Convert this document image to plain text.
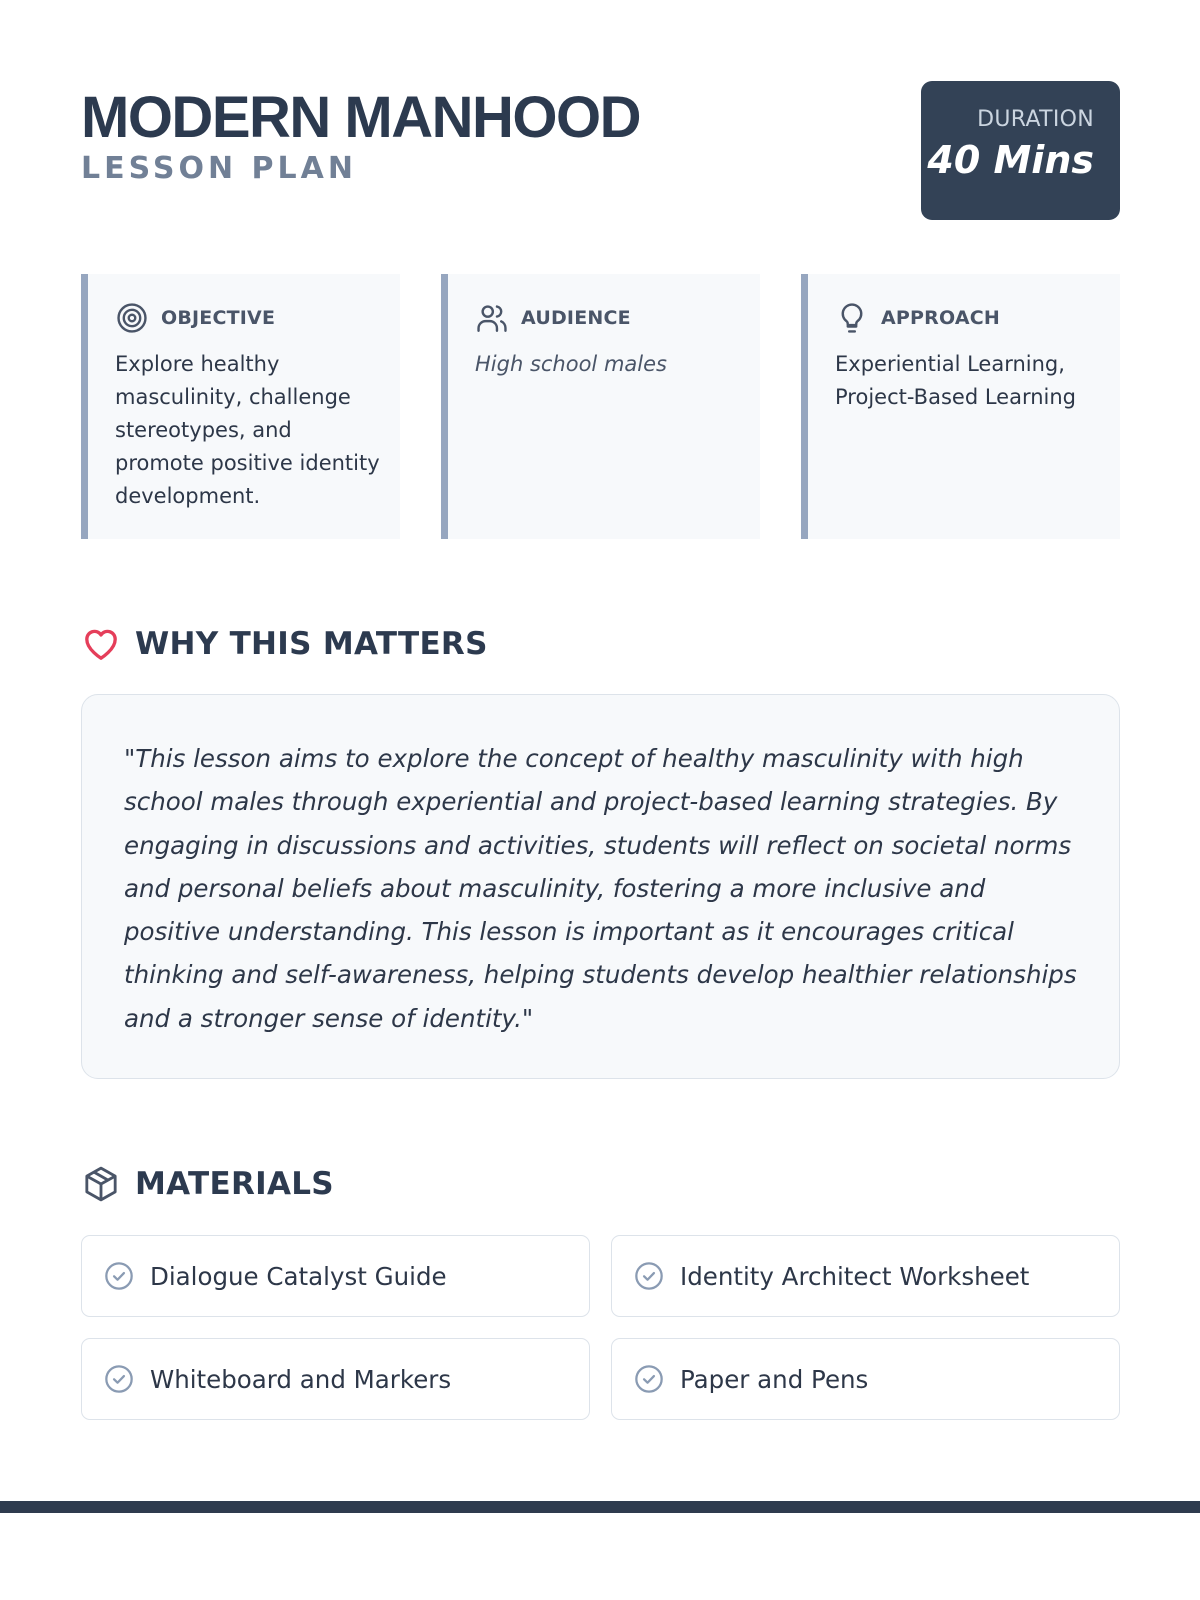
MODERN MANHOOD
LESSON PLAN
DURATION
40 Mins
OBJECTIVE
Explore healthy masculinity, challenge stereotypes, and promote positive identity development.
AUDIENCE
High school males
APPROACH
Experiential Learning, Project-Based Learning
WHY THIS MATTERS

"This lesson aims to explore the concept of healthy masculinity with high school males through experiential and project-based learning strategies. By engaging in discussions and activities, students will reflect on societal norms and personal beliefs about masculinity, fostering a more inclusive and positive understanding. This lesson is important as it encourages critical thinking and self-awareness, helping students develop healthier relationships and a stronger sense of identity."

MATERIALS
Dialogue Catalyst Guide	Identity Architect Worksheet
Whiteboard and Markers	Paper and Pens
